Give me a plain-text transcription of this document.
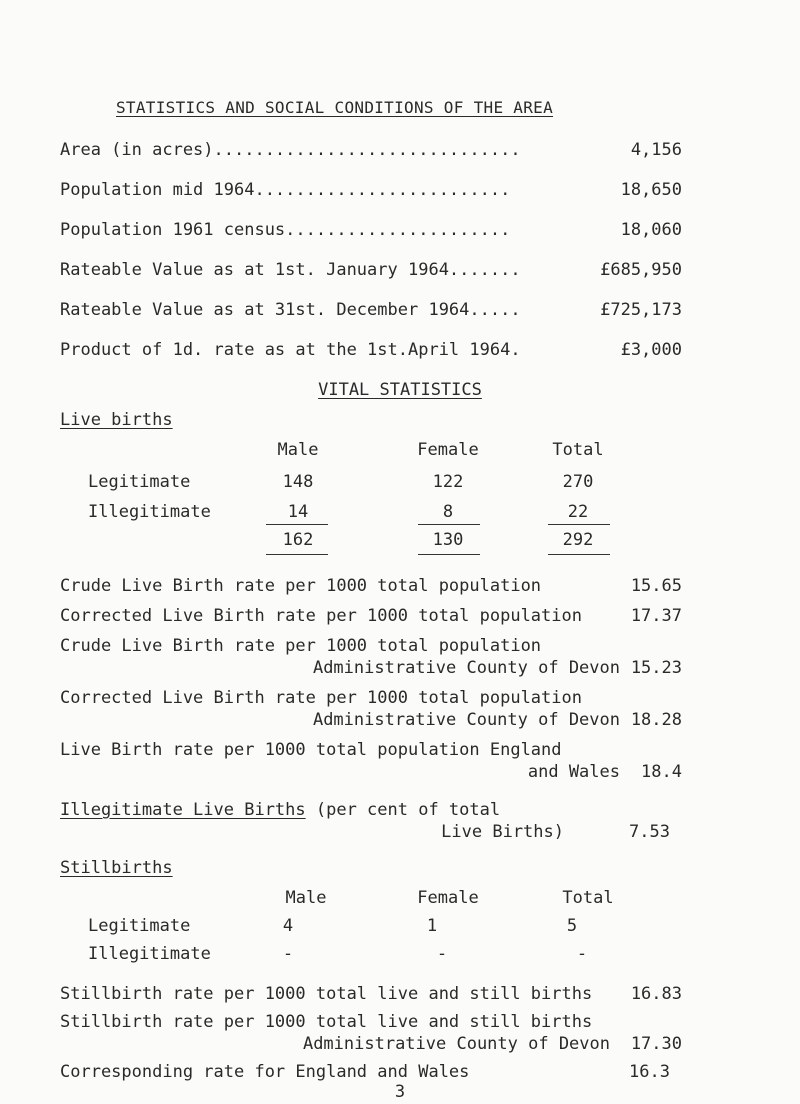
STATISTICS AND SOCIAL CONDITIONS OF THE AREA
Area (in acres)..............................	4,156
Population mid 1964.........................	18,650
Population 1961 census......................	18,060
Rateable Value as at 1st. January 1964.......	£685,950
Rateable Value as at 31st. December 1964.....	£725,173
Product of 1d. rate as at the 1st.April 1964.	£3,000
VITAL STATISTICS
Live births
Male	Female	Total
Legitimate	148	122	270
Illegitimate	14	8	22
162	130	292
Crude Live Birth rate per 1000 total population	15.65
Corrected Live Birth rate per 1000 total population	17.37
Crude Live Birth rate per 1000 total population
Administrative County of Devon 15.23
Corrected Live Birth rate per 1000 total population
Administrative County of Devon 18.28
Live Birth rate per 1000 total population England
and Wales 18.4
Illegitimate Live Births (per cent of total
Live Births)	7.53
Stillbirths
Male	Female	Total
Legitimate	4	1	5
Illegitimate	-	-	-
Stillbirth rate per 1000 total live and still births 16.83
Stillbirth rate per 1000 total live and still births
Administrative County of Devon 17.30
Corresponding rate for England and Wales	16.3
3
